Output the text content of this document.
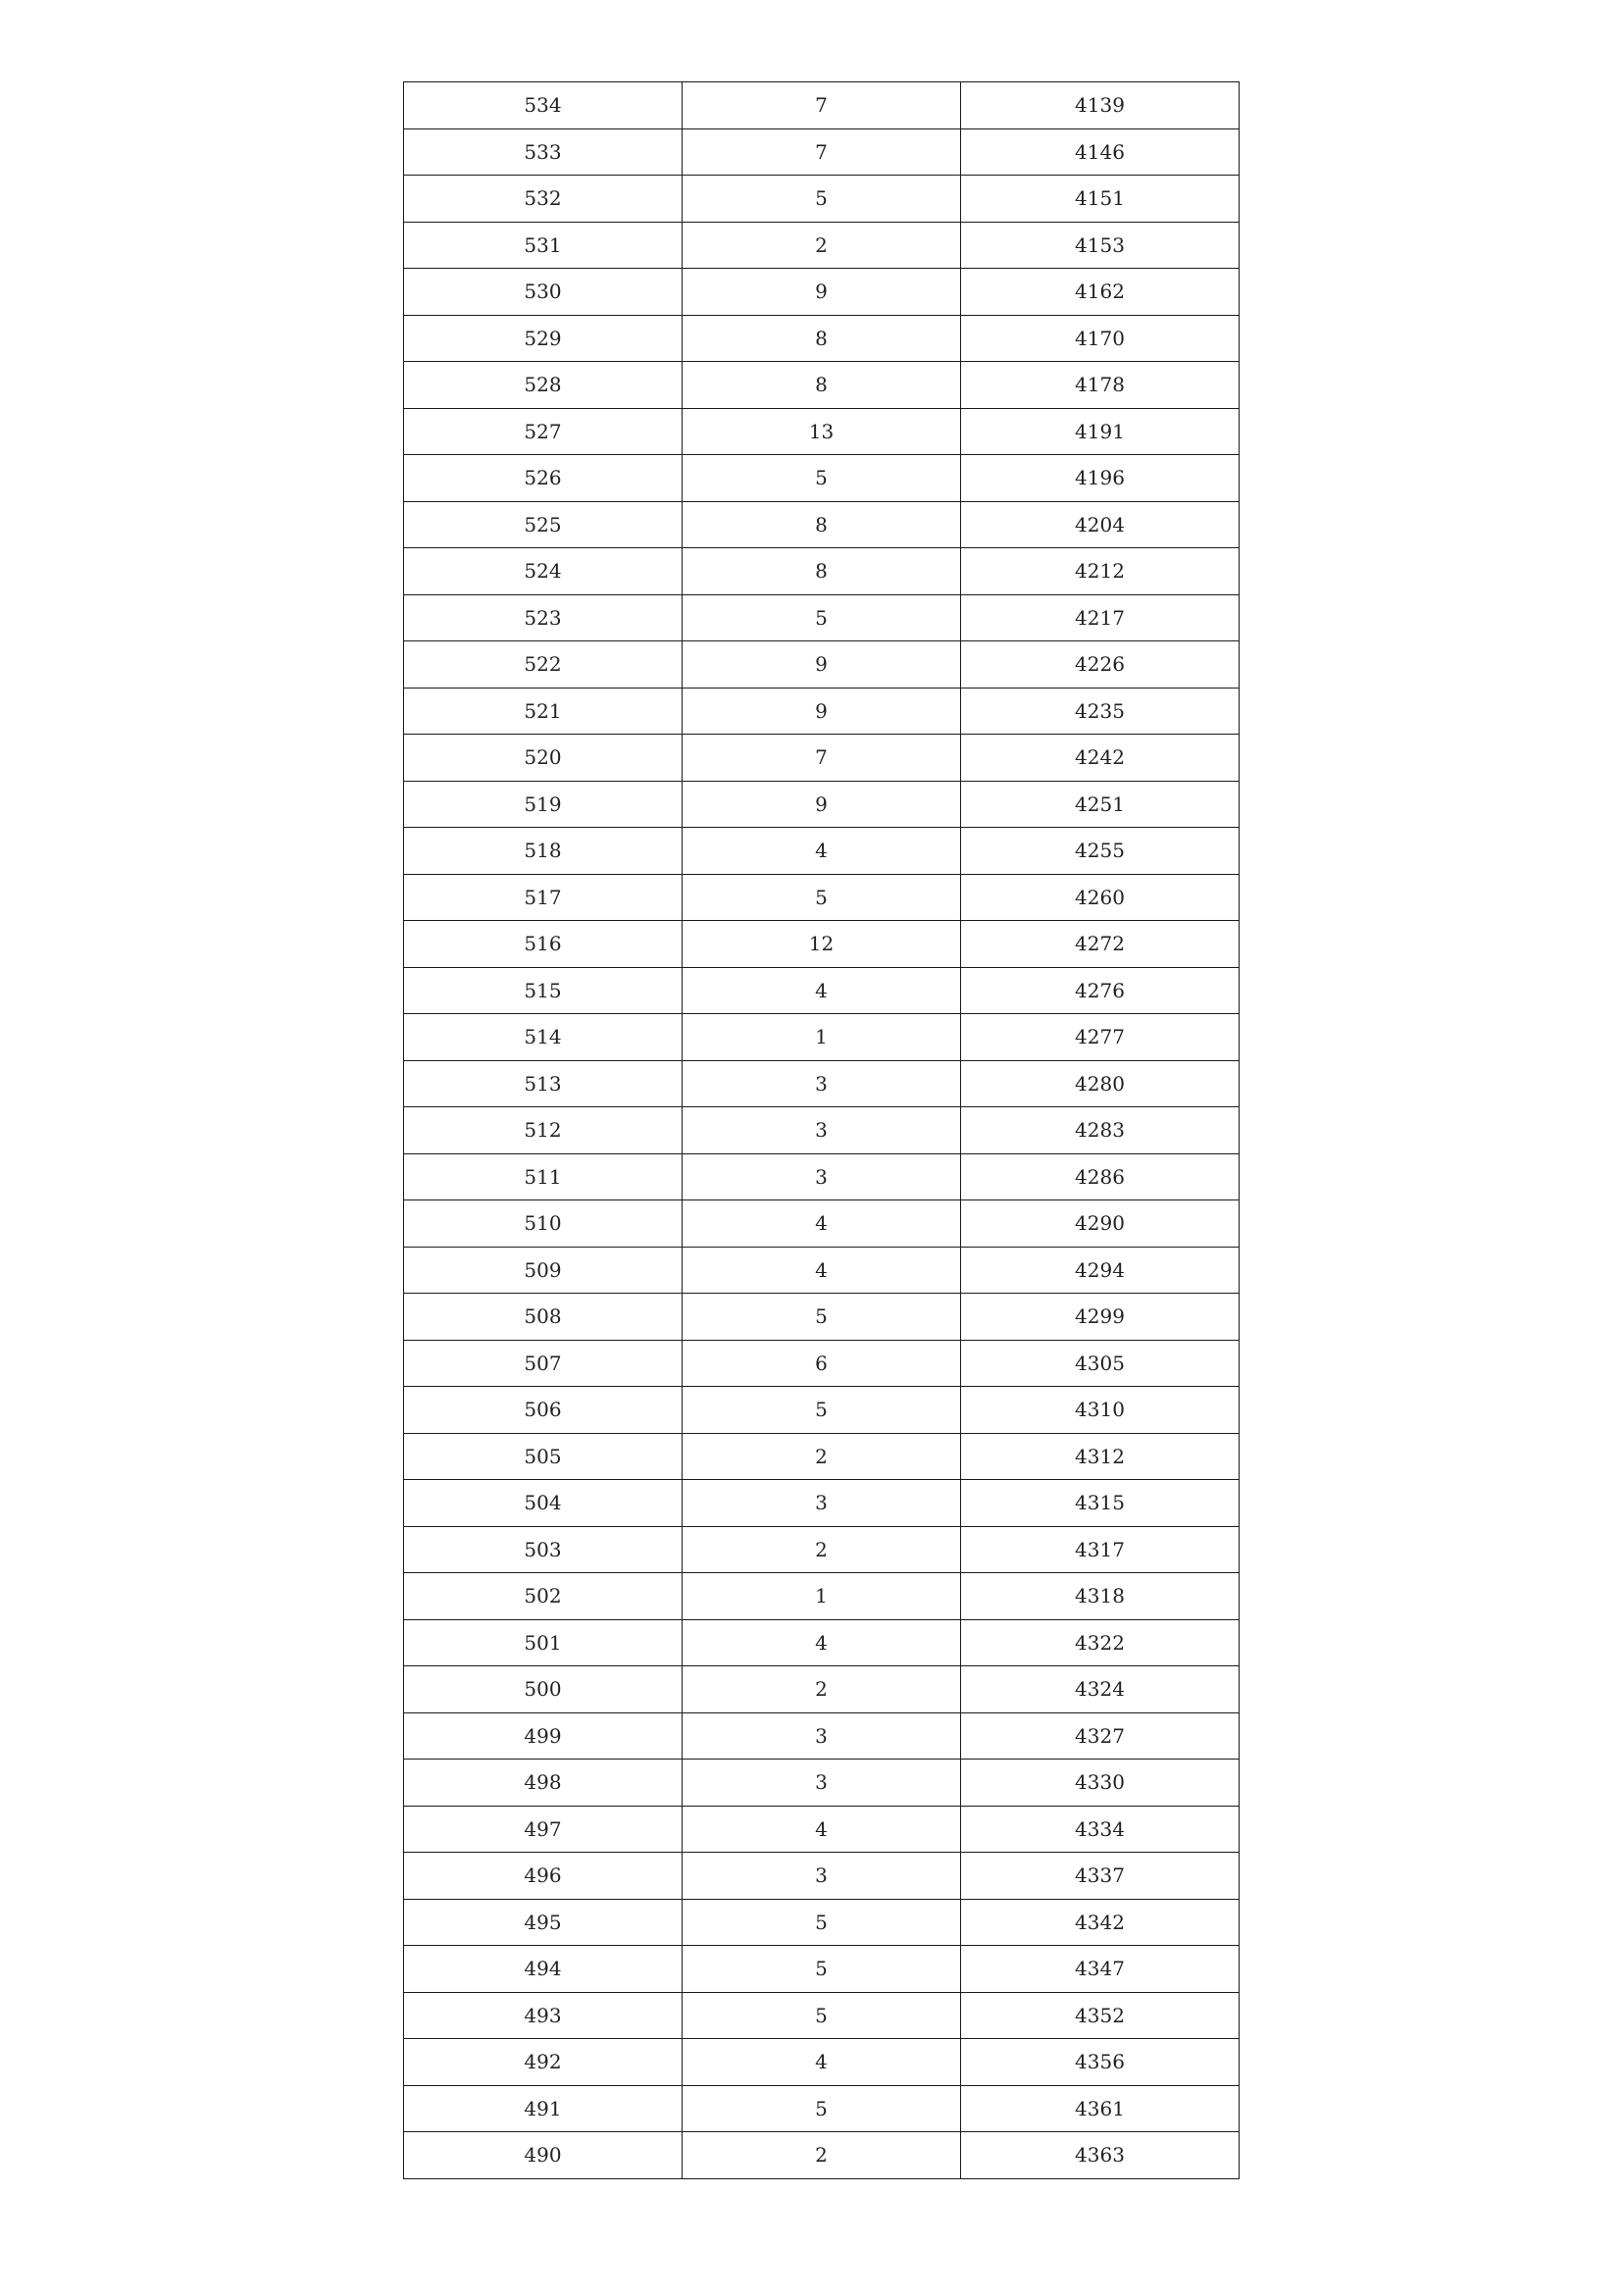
534	7	4139
533	7	4146
532	5	4151
531	2	4153
530	9	4162
529	8	4170
528	8	4178
527	13	4191
526	5	4196
525	8	4204
524	8	4212
523	5	4217
522	9	4226
521	9	4235
520	7	4242
519	9	4251
518	4	4255
517	5	4260
516	12	4272
515	4	4276
514	1	4277
513	3	4280
512	3	4283
511	3	4286
510	4	4290
509	4	4294
508	5	4299
507	6	4305
506	5	4310
505	2	4312
504	3	4315
503	2	4317
502	1	4318
501	4	4322
500	2	4324
499	3	4327
498	3	4330
497	4	4334
496	3	4337
495	5	4342
494	5	4347
493	5	4352
492	4	4356
491	5	4361
490	2	4363
